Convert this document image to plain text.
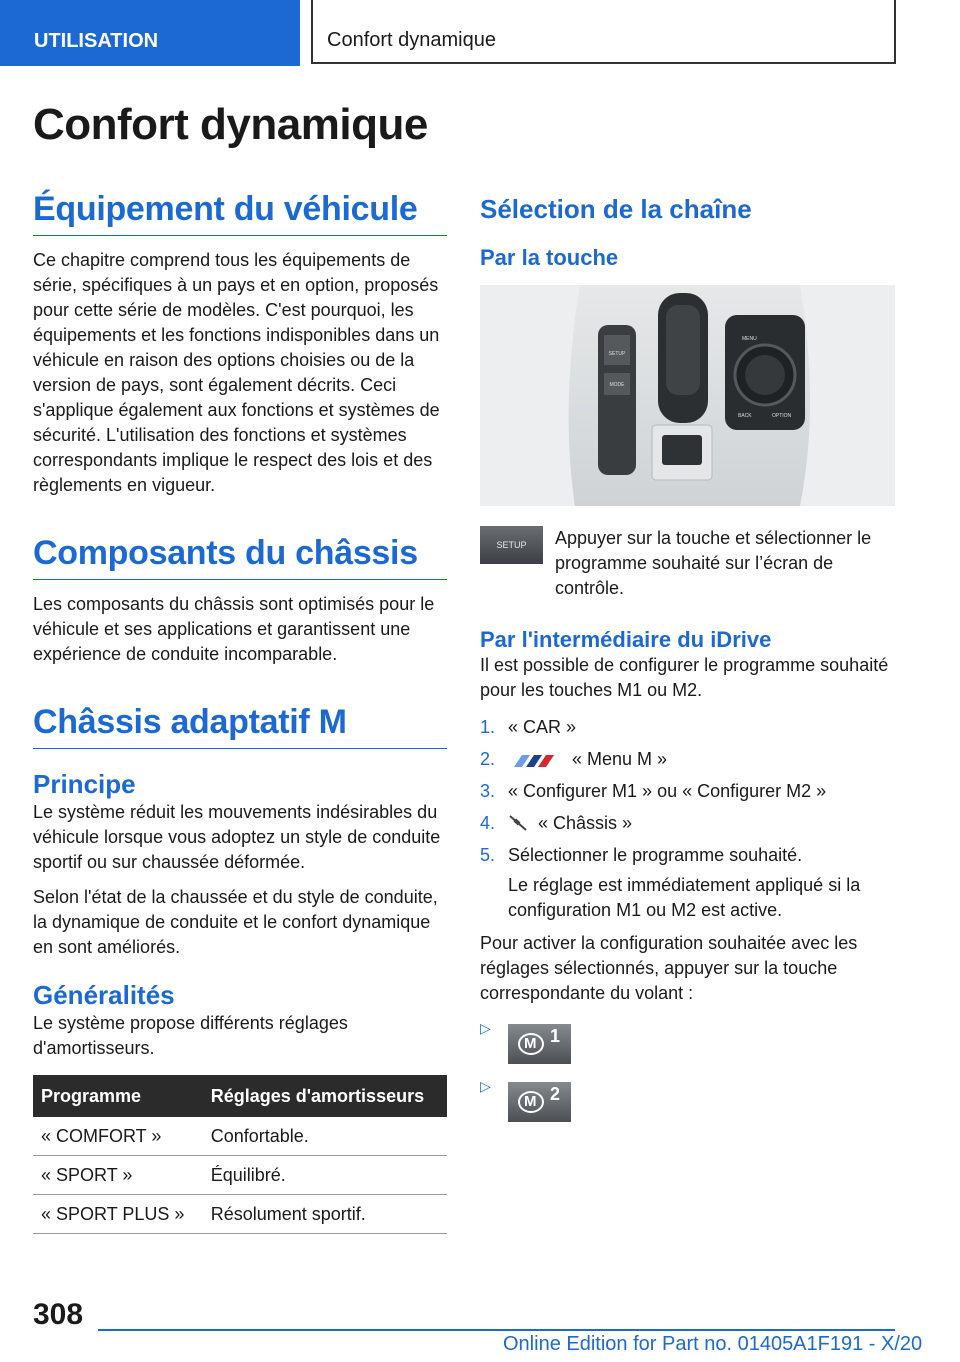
UTILISATION	Confort dynamique
Confort dynamique
Équipement du véhicule

Ce chapitre comprend tous les équipements de série, spécifiques à un pays et en option, proposés pour cette série de modèles. C'est pourquoi, les équipements et les fonctions indisponibles dans un véhicule en raison des options choisies ou de la version de pays, sont également décrits. Ceci s'applique également aux fonctions et systèmes de sécurité. L'utilisation des fonctions et systèmes correspondants implique le respect des lois et des règlements en vigueur.

Composants du châssis

Les composants du châssis sont optimisés pour le véhicule et ses applications et garantissent une expérience de conduite incomparable.

Châssis adaptatif M
Principe

Le système réduit les mouvements indésirables du véhicule lorsque vous adoptez un style de conduite sportif ou sur chaussée déformée.

Selon l'état de la chaussée et du style de conduite, la dynamique de conduite et le confort dynamique en sont améliorés.

Généralités

Le système propose différents réglages d'amortisseurs.

Programme	Réglages d'amortisseurs
« COMFORT »	Confortable.
« SPORT »	Équilibré.
« SPORT PLUS »	Résolument sportif.
Sélection de la chaîne
Par la touche
SETUP
MODE
MENU
BACK	OPTION
SETUP	Appuyer sur la touche et sélectionner le programme souhaité sur l’écran de contrôle.

Par l'intermédiaire du iDrive

Il est possible de configurer le programme souhaité pour les touches M1 ou M2.

1. « CAR »
2.	« Menu M »
3. « Configurer M1 » ou « Configurer M2 »
4.	« Châssis »
5. Sélectionner le programme souhaité.

Le réglage est immédiatement appliqué si la configuration M1 ou M2 est active.

Pour activer la configuration souhaitée avec les réglages sélectionnés, appuyer sur la touche correspondante du volant :

▷
M 1
▷
M 2
308
Online Edition for Part no. 01405A1F191 - X/20
